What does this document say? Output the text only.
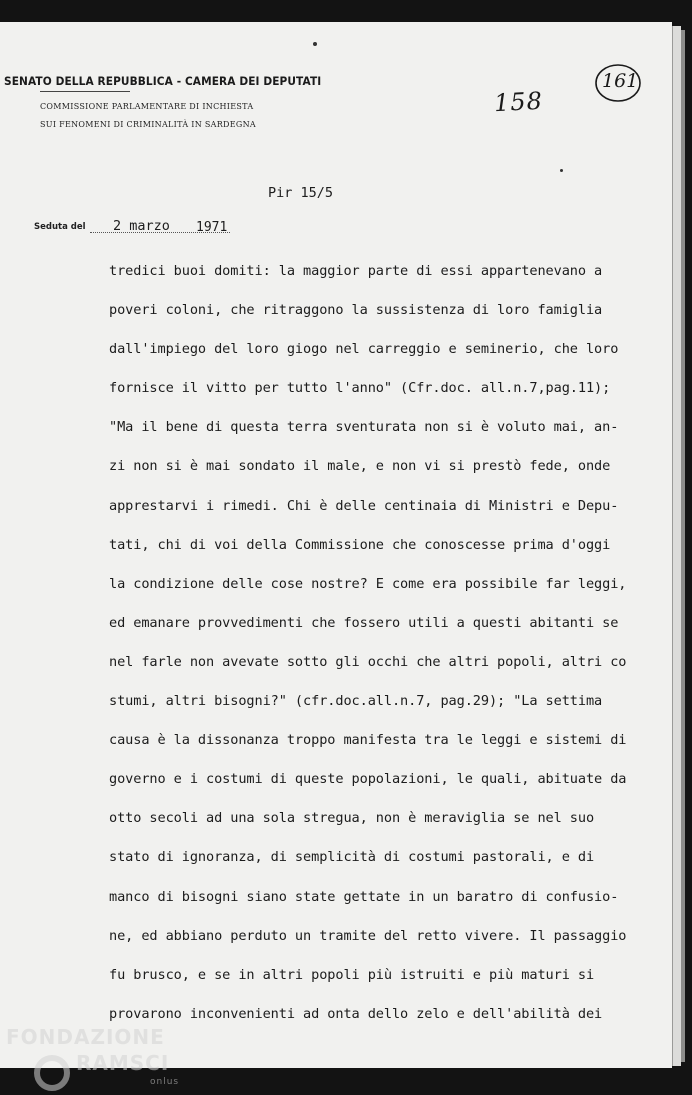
SENATO DELLA REPUBBLICA - CAMERA DEI DEPUTATI
COMMISSIONE PARLAMENTARE DI INCHIESTA
SUI FENOMENI DI CRIMINALITÀ IN SARDEGNA
158
161
Pir 15/5
Seduta del 2 marzo 1971
tredici buoi domiti: la maggior parte di essi appartenevano a
poveri coloni, che ritraggono la sussistenza di loro famiglia
dall'impiego del loro giogo nel carreggio e seminerio, che loro
fornisce il vitto per tutto l'anno" (Cfr.doc. all.n.7,pag.11);
"Ma il bene di questa terra sventurata non si è voluto mai, an-
zi non si è mai sondato il male, e non vi si prestò fede, onde
apprestarvi i rimedi. Chi è delle centinaia di Ministri e Depu-
tati, chi di voi della Commissione che conoscesse prima d'oggi
la condizione delle cose nostre? E come era possibile far leggi,
ed emanare provvedimenti che fossero utili a questi abitanti se
nel farle non avevate sotto gli occhi che altri popoli, altri co
stumi, altri bisogni?" (cfr.doc.all.n.7, pag.29); "La settima
causa è la dissonanza troppo manifesta tra le leggi e sistemi di
governo e i costumi di queste popolazioni, le quali, abituate da
otto secoli ad una sola stregua, non è meraviglia se nel suo
stato di ignoranza, di semplicità di costumi pastorali, e di
manco di bisogni siano state gettate in un baratro di confusio-
ne, ed abbiano perduto un tramite del retto vivere. Il passaggio
fu brusco, e se in altri popoli più istruiti e più maturi si
provarono inconvenienti ad onta dello zelo e dell'abilità dei
FONDAZIONE
RAMSCI
onlus
